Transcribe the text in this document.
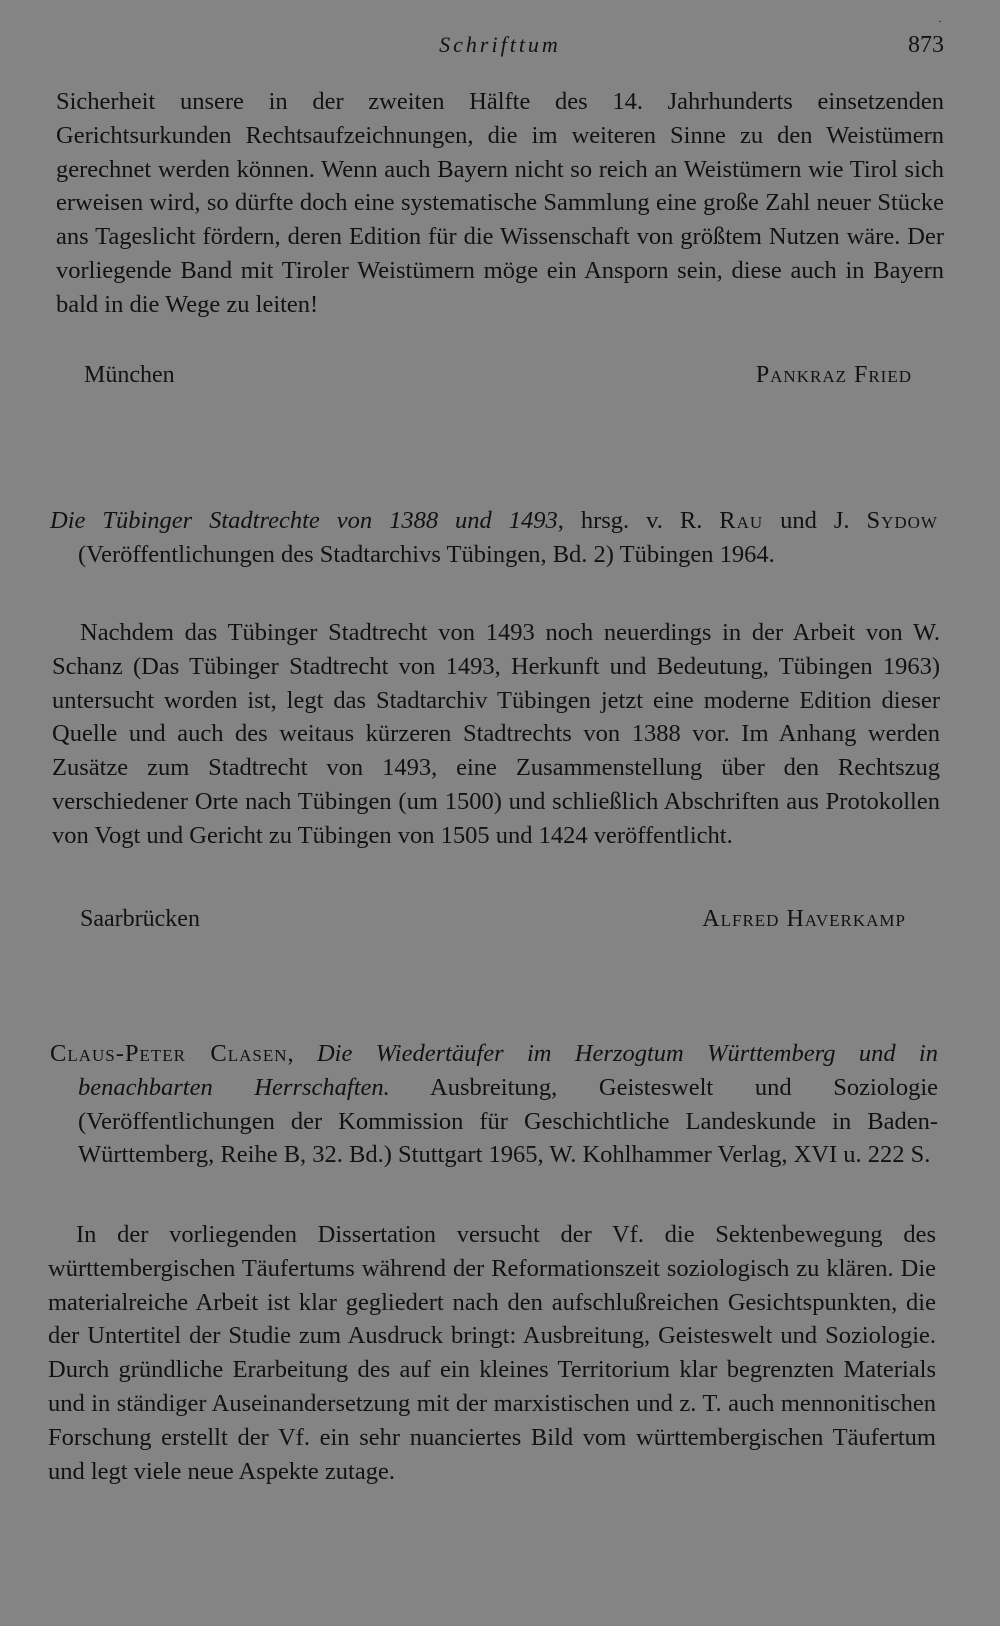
·
Schrifttum	873

Sicherheit unsere in der zweiten Hälfte des 14. Jahrhunderts einsetzenden Gerichtsurkunden Rechtsaufzeichnungen, die im weiteren Sinne zu den Weistümern gerechnet werden können. Wenn auch Bayern nicht so reich an Weistümern wie Tirol sich erweisen wird, so dürfte doch eine systematische Sammlung eine große Zahl neuer Stücke ans Tageslicht fördern, deren Edition für die Wissenschaft von größtem Nutzen wäre. Der vorliegende Band mit Tiroler Weistümern möge ein Ansporn sein, diese auch in Bayern bald in die Wege zu leiten!

München	Pankraz Fried

Die Tübinger Stadtrechte von 1388 und 1493, hrsg. v. R. Rau und J. Sydow (Veröffentlichungen des Stadtarchivs Tübingen, Bd. 2) Tübingen 1964.

Nachdem das Tübinger Stadtrecht von 1493 noch neuerdings in der Arbeit von W. Schanz (Das Tübinger Stadtrecht von 1493, Herkunft und Bedeutung, Tübingen 1963) untersucht worden ist, legt das Stadtarchiv Tübingen jetzt eine moderne Edition dieser Quelle und auch des weitaus kürzeren Stadtrechts von 1388 vor. Im Anhang werden Zusätze zum Stadtrecht von 1493, eine Zusammenstellung über den Rechtszug verschiedener Orte nach Tübingen (um 1500) und schließlich Abschriften aus Protokollen von Vogt und Gericht zu Tübingen von 1505 und 1424 veröffentlicht.

Saarbrücken	Alfred Haverkamp

Claus-Peter Clasen, Die Wiedertäufer im Herzogtum Württemberg und in benachbarten Herrschaften. Ausbreitung, Geisteswelt und Soziologie (Veröffentlichungen der Kommission für Geschichtliche Landeskunde in Baden-Württemberg, Reihe B, 32. Bd.) Stuttgart 1965, W. Kohlhammer Verlag, XVI u. 222 S.

In der vorliegenden Dissertation versucht der Vf. die Sektenbewegung des württembergischen Täufertums während der Reformationszeit soziologisch zu klären. Die materialreiche Arbeit ist klar gegliedert nach den aufschlußreichen Gesichtspunkten, die der Untertitel der Studie zum Ausdruck bringt: Ausbreitung, Geisteswelt und Soziologie. Durch gründliche Erarbeitung des auf ein kleines Territorium klar begrenzten Materials und in ständiger Auseinandersetzung mit der marxistischen und z. T. auch mennonitischen Forschung erstellt der Vf. ein sehr nuanciertes Bild vom württembergischen Täufertum und legt viele neue Aspekte zutage.
